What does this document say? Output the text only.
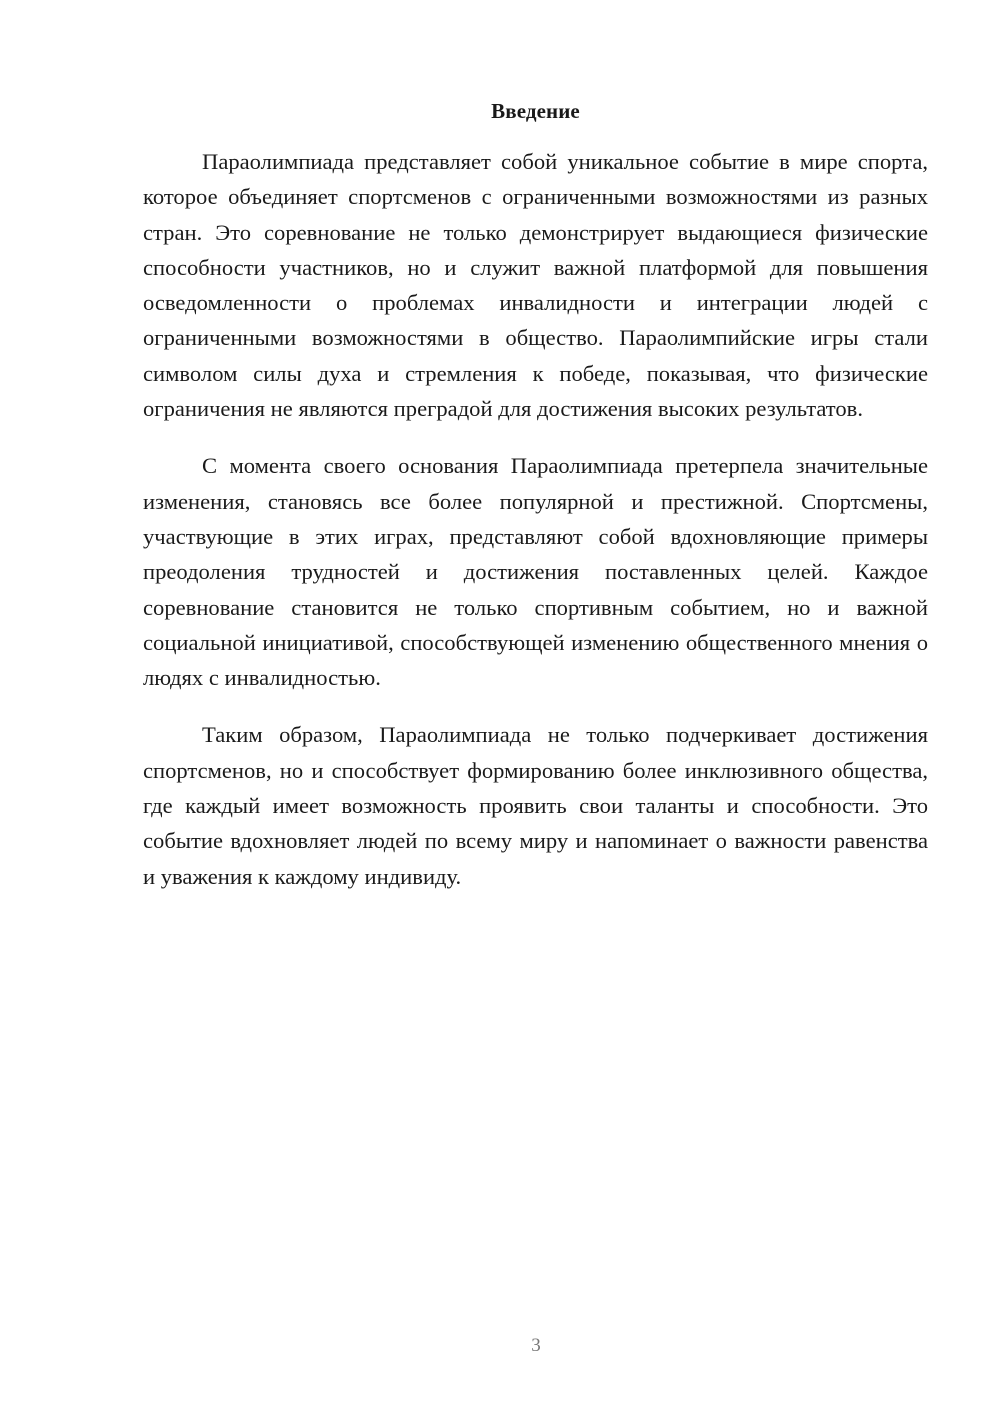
Введение

Параолимпиада представляет собой уникальное событие в мире спорта, которое объединяет спортсменов с ограниченными возможностями из разных стран. Это соревнование не только демонстрирует выдающиеся физические способности участников, но и служит важной платформой для повышения осведомленности о проблемах инвалидности и интеграции людей с ограниченными возможностями в общество. Параолимпийские игры стали символом силы духа и стремления к победе, показывая, что физические ограничения не являются преградой для достижения высоких результатов.

С момента своего основания Параолимпиада претерпела значительные изменения, становясь все более популярной и престижной. Спортсмены, участвующие в этих играх, представляют собой вдохновляющие примеры преодоления трудностей и достижения поставленных целей. Каждое соревнование становится не только спортивным событием, но и важной социальной инициативой, способствующей изменению общественного мнения о людях с инвалидностью.

Таким образом, Параолимпиада не только подчеркивает достижения спортсменов, но и способствует формированию более инклюзивного общества, где каждый имеет возможность проявить свои таланты и способности. Это событие вдохновляет людей по всему миру и напоминает о важности равенства и уважения к каждому индивиду.

3
